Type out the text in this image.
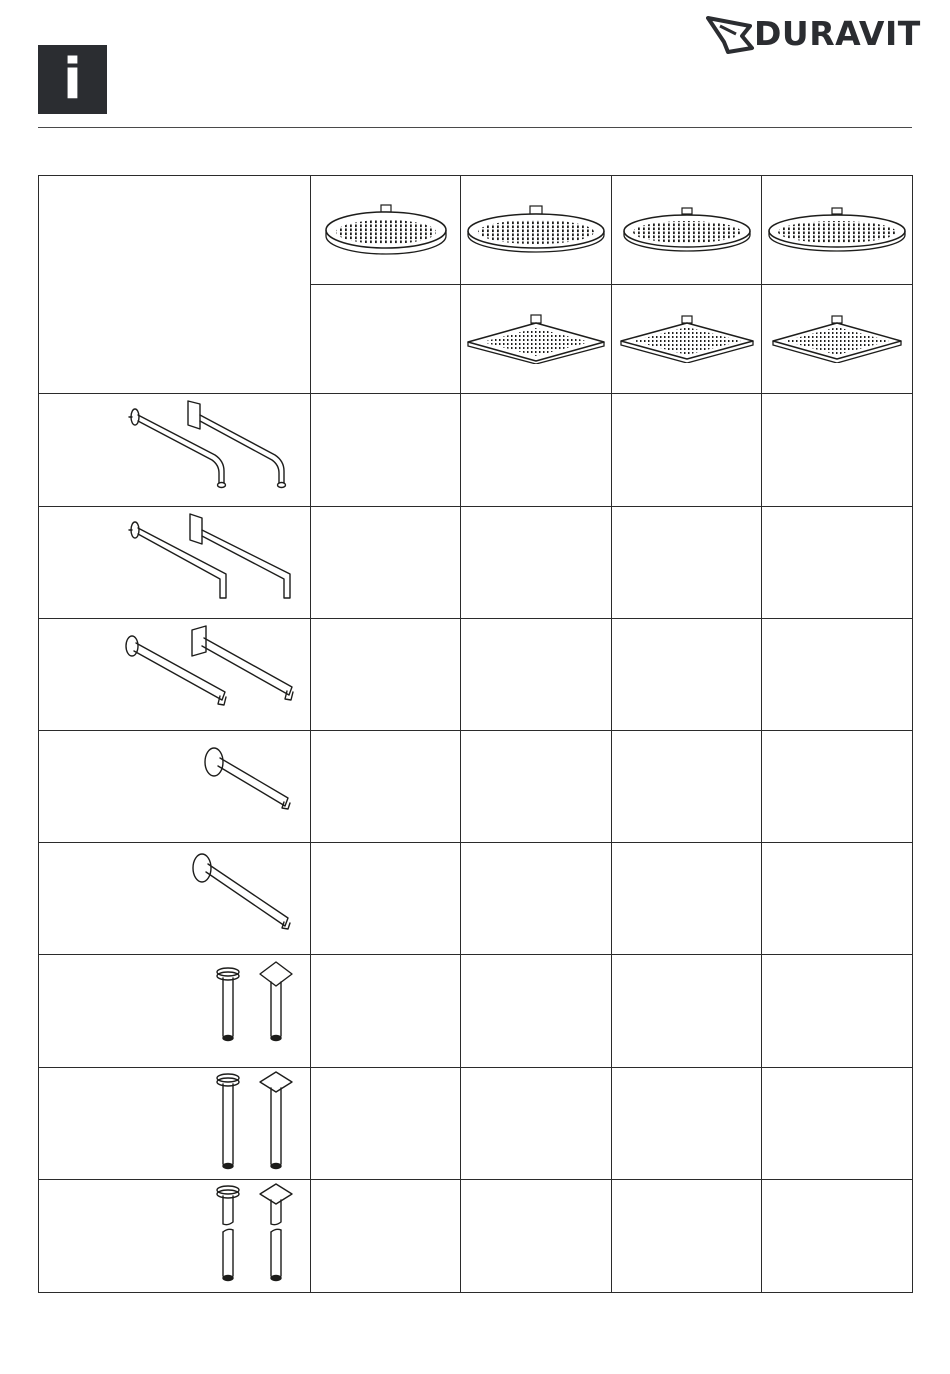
i
DURAVIT
